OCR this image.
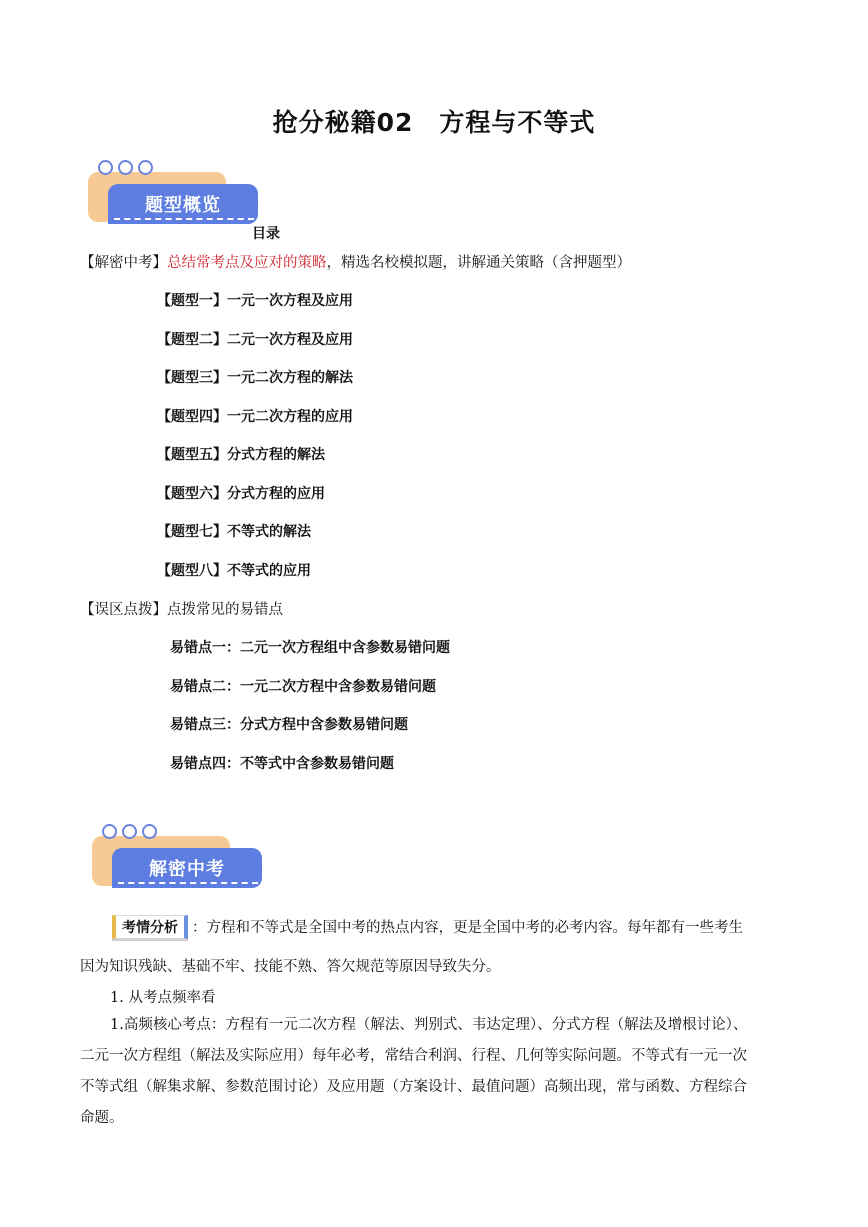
抢分秘籍02　方程与不等式
题型概览
目录
【解密中考】总结常考点及应对的策略，精选名校模拟题，讲解通关策略（含押题型）
【题型一】一元一次方程及应用
【题型二】二元一次方程及应用
【题型三】一元二次方程的解法
【题型四】一元二次方程的应用
【题型五】分式方程的解法
【题型六】分式方程的应用
【题型七】不等式的解法
【题型八】不等式的应用
【误区点拨】点拨常见的易错点
易错点一：二元一次方程组中含参数易错问题
易错点二：一元二次方程中含参数易错问题
易错点三：分式方程中含参数易错问题
易错点四：不等式中含参数易错问题
解密中考
考情分析 ：方程和不等式是全国中考的热点内容，更是全国中考的必考内容。每年都有一些考生
因为知识残缺、基础不牢、技能不熟、答欠规范等原因导致失分。
1. 从考点频率看
1.高频核心考点：方程有一元二次方程（解法、判别式、韦达定理）、分式方程（解法及增根讨论）、
二元一次方程组（解法及实际应用）每年必考，常结合利润、行程、几何等实际问题。不等式有一元一次
不等式组（解集求解、参数范围讨论）及应用题（方案设计、最值问题）高频出现，常与函数、方程综合
命题。
